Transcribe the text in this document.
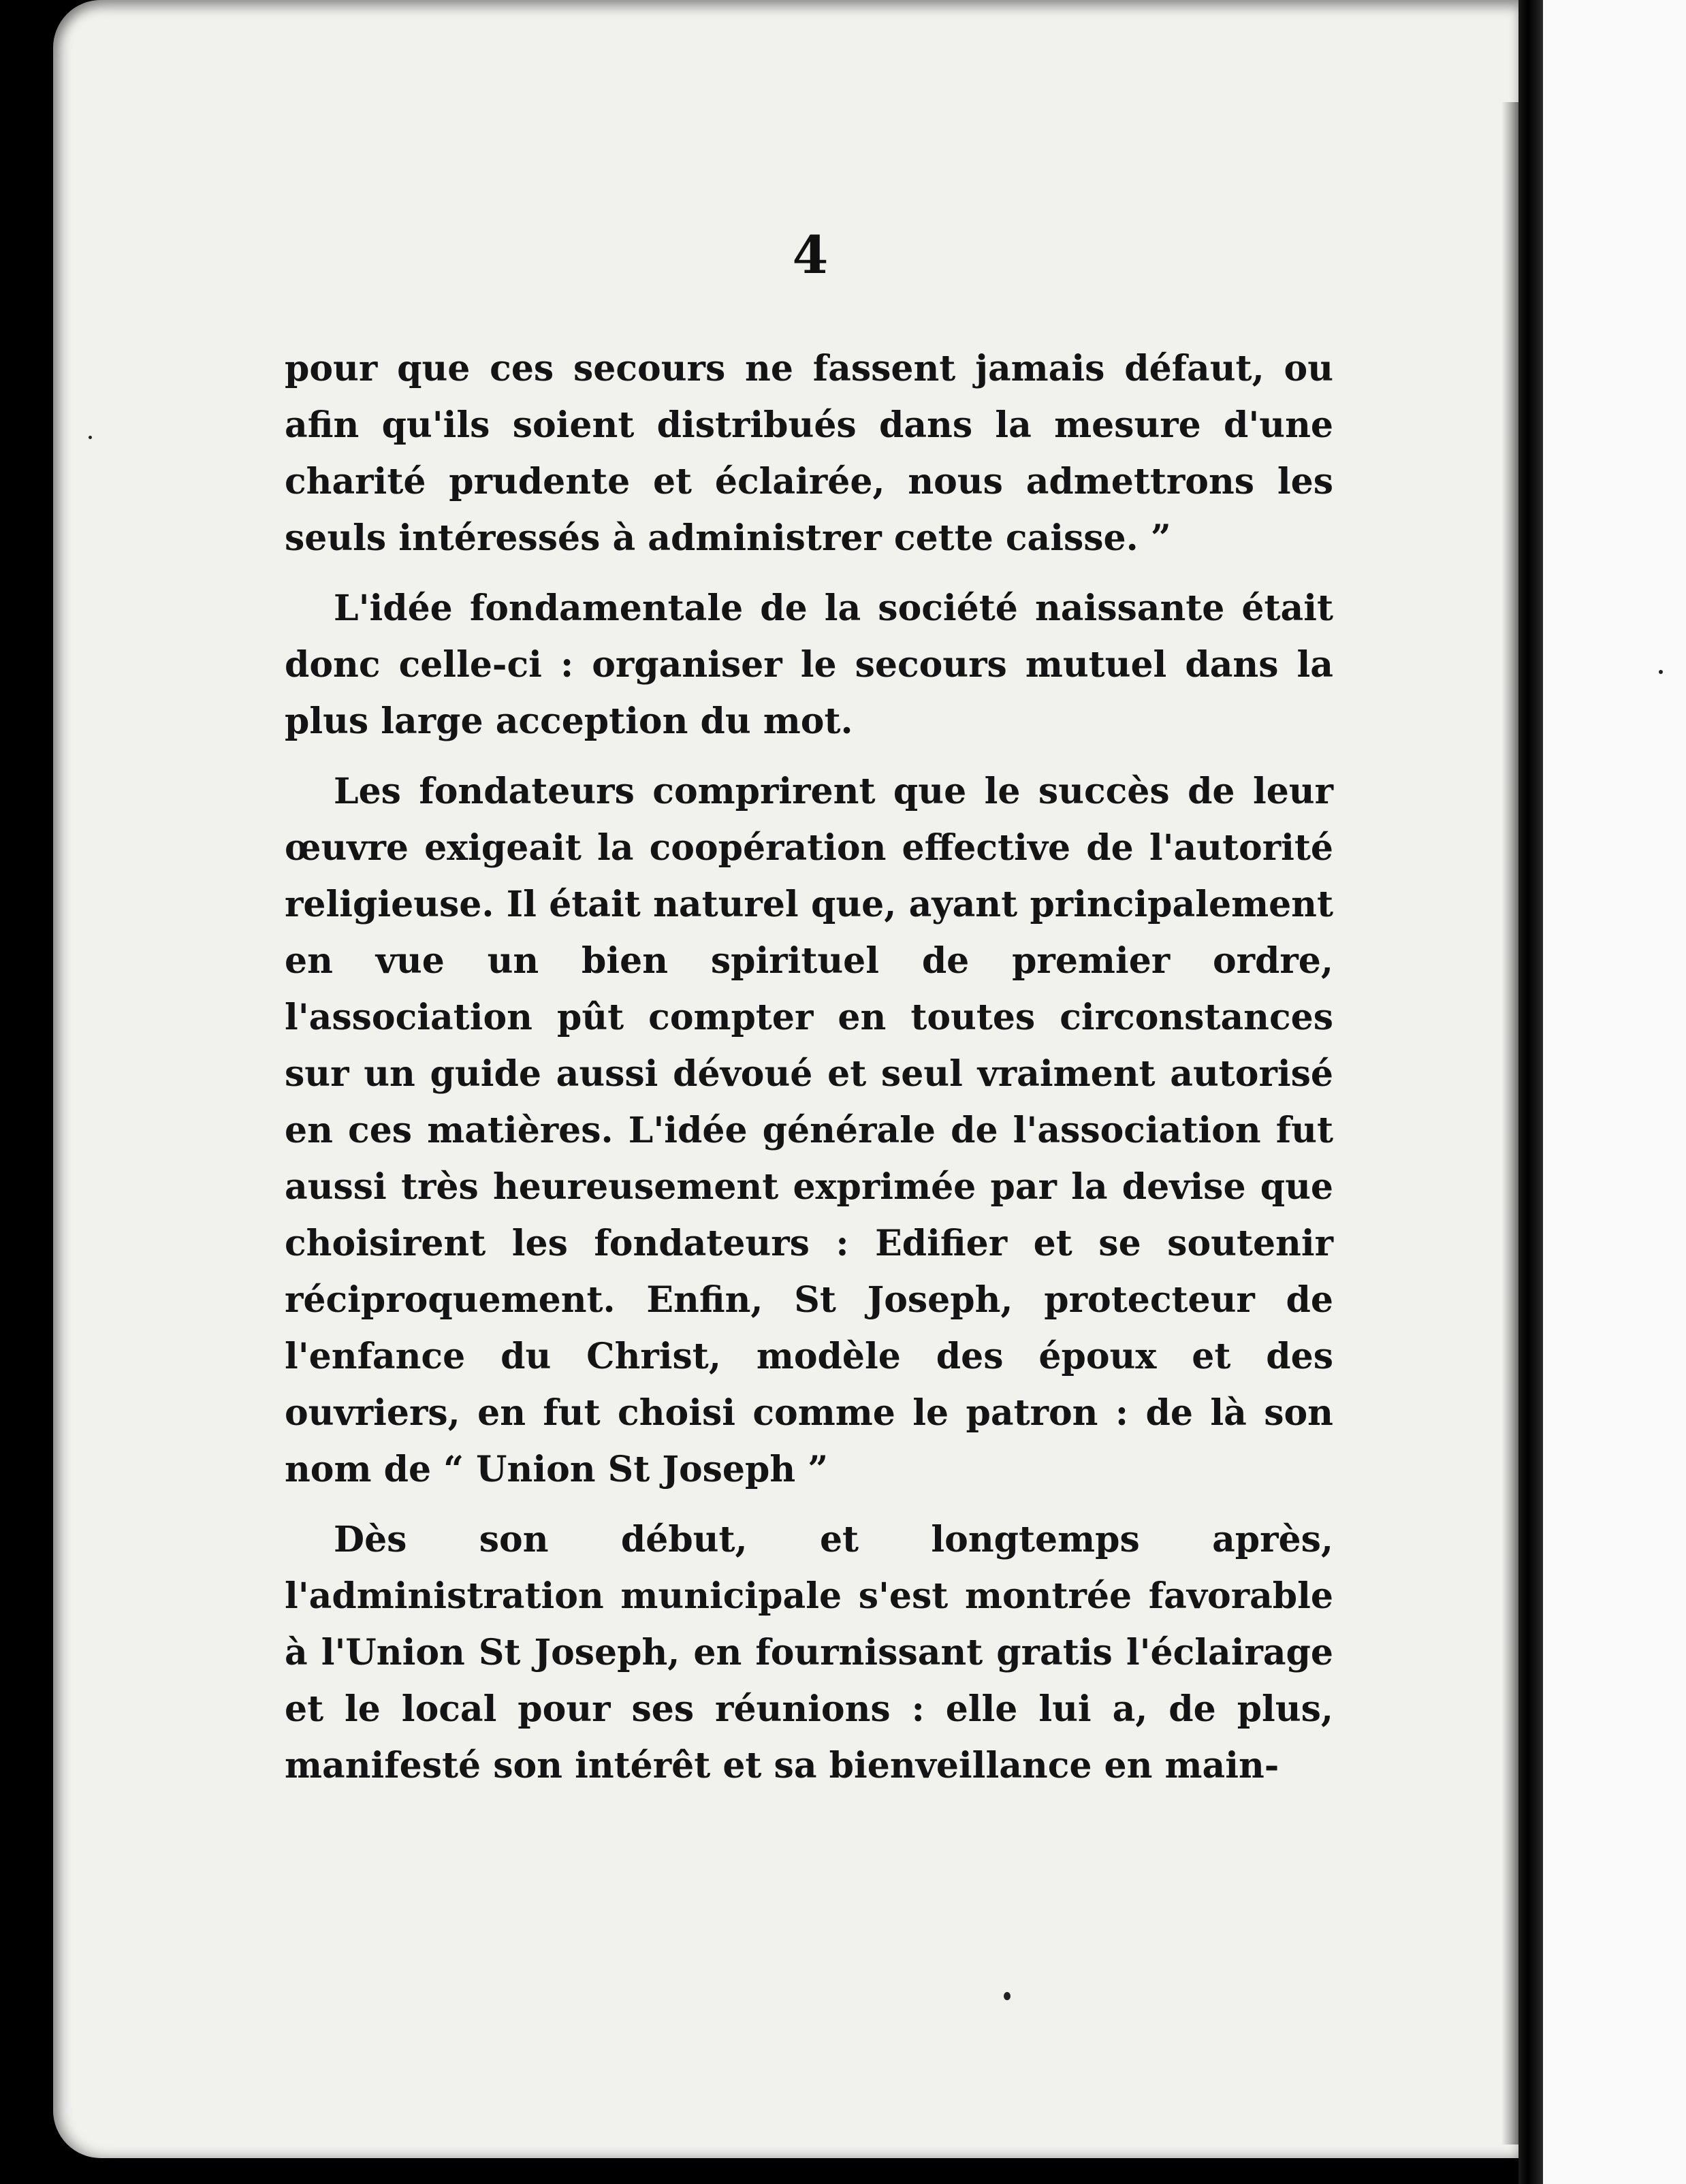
4

pour que ces secours ne fassent jamais défaut, ou afin qu'ils soient distribués dans la mesure d'une charité prudente et éclairée, nous admettrons les seuls intéressés à administrer cette caisse. ”

L'idée fondamentale de la société naissante était donc celle-ci : organiser le secours mutuel dans la plus large acception du mot.

Les fondateurs comprirent que le succès de leur œuvre exigeait la coopération effective de l'autorité religieuse. Il était naturel que, ayant principalement en vue un bien spirituel de premier ordre, l'association pût compter en toutes circonstances sur un guide aussi dévoué et seul vraiment autorisé en ces matières. L'idée générale de l'association fut aussi très heureusement exprimée par la devise que choisirent les fondateurs : Edifier et se soutenir réciproquement. Enfin, St Joseph, protecteur de l'enfance du Christ, modèle des époux et des ouvriers, en fut choisi comme le patron : de là son nom de “ Union St Joseph ”

Dès son début, et longtemps après, l'administration municipale s'est montrée favorable à l'Union St Joseph, en fournissant gratis l'éclairage et le local pour ses réunions : elle lui a, de plus, manifesté son intérêt et sa bienveillance en main-
